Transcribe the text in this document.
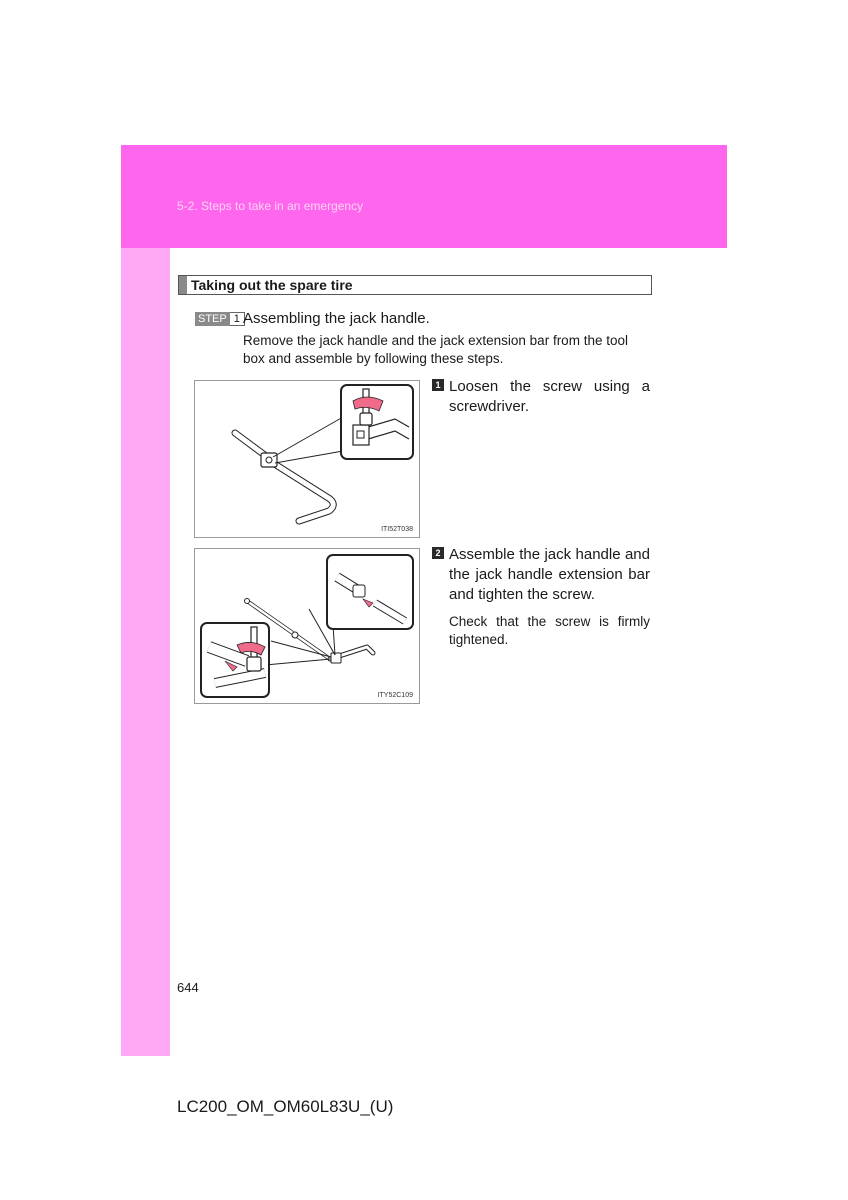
5-2. Steps to take in an emergency
Taking out the spare tire
STEP 1 Assembling the jack handle.
Remove the jack handle and the jack extension bar from the tool box and assemble by following these steps.
ITI52T038
ITY52C109
1 Loosen the screw using a screwdriver.
2 Assemble the jack handle and the jack handle extension bar and tighten the screw.
Check that the screw is firmly tightened.
644
LC200_OM_OM60L83U_(U)
